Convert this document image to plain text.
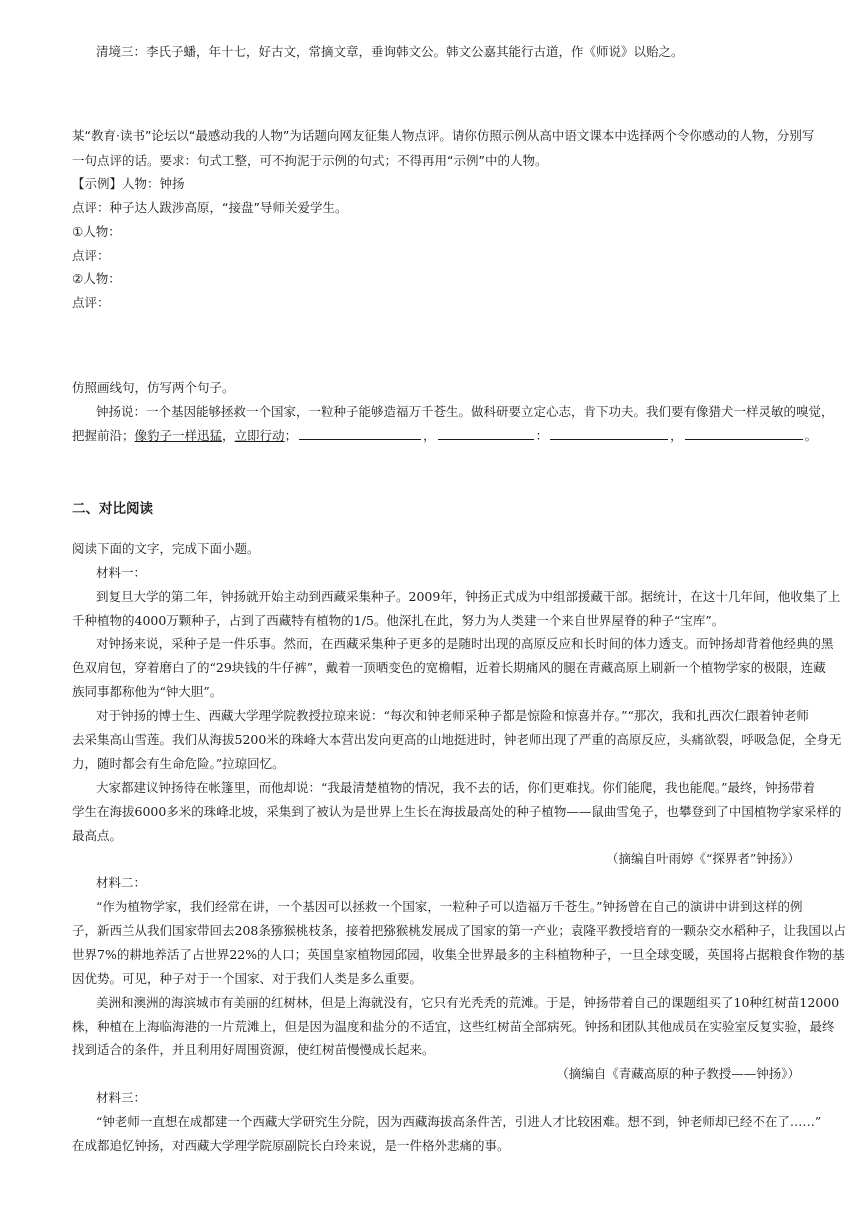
清境三：李氏子蟠，年十七，好古文，常摘文章，垂询韩文公。韩文公嘉其能行古道，作《师说》以贻之。
某“教育·读书”论坛以“最感动我的人物”为话题向网友征集人物点评。请你仿照示例从高中语文课本中选择两个令你感动的人物，分别写
一句点评的话。要求：句式工整，可不拘泥于示例的句式；不得再用“示例”中的人物。
【示例】人物：钟扬
点评：种子达人跋涉高原，“接盘”导师关爱学生。
①人物：
点评：
②人物：
点评：
仿照画线句，仿写两个句子。
钟扬说：一个基因能够拯救一个国家，一粒种子能够造福万千苍生。做科研要立定心志，肯下功夫。我们要有像猎犬一样灵敏的嗅觉，
把握前沿；像豹子一样迅猛，立即行动；	，	：	，	。
二、对比阅读
阅读下面的文字，完成下面小题。
材料一：
到复旦大学的第二年，钟扬就开始主动到西藏采集种子。2009年，钟扬正式成为中组部援藏干部。据统计，在这十几年间，他收集了上
千种植物的4000万颗种子，占到了西藏特有植物的1/5。他深扎在此，努力为人类建一个来自世界屋脊的种子“宝库”。
对钟扬来说，采种子是一件乐事。然而，在西藏采集种子更多的是随时出现的高原反应和长时间的体力透支。而钟扬却背着他经典的黑
色双肩包，穿着磨白了的“29块钱的牛仔裤”，戴着一顶晒变色的宽檐帽，近着长期痛风的腿在青藏高原上刷新一个植物学家的极限，连藏
族同事都称他为“钟大胆”。
对于钟扬的博士生、西藏大学理学院教授拉琼来说：“每次和钟老师采种子都是惊险和惊喜并存。”“那次，我和扎西次仁跟着钟老师
去采集高山雪莲。我们从海拔5200米的珠峰大本营出发向更高的山地挺进时，钟老师出现了严重的高原反应，头痛欲裂，呼吸急促，全身无
力，随时都会有生命危险。”拉琼回忆。
大家都建议钟扬待在帐篷里，而他却说：“我最清楚植物的情况，我不去的话，你们更难找。你们能爬，我也能爬。”最终，钟扬带着
学生在海拔6000多米的珠峰北坡，采集到了被认为是世界上生长在海拔最高处的种子植物——鼠曲雪兔子，也攀登到了中国植物学家采样的
最高点。
（摘编自叶雨婷《“探界者”钟扬》）
材料二：
“作为植物学家，我们经常在讲，一个基因可以拯救一个国家，一粒种子可以造福万千苍生。”钟扬曾在自己的演讲中讲到这样的例
子，新西兰从我们国家带回去208条猕猴桃枝条，接着把猕猴桃发展成了国家的第一产业；袁隆平教授培育的一颗杂交水稻种子，让我国以占
世界7%的耕地养活了占世界22%的人口；英国皇家植物园邱园，收集全世界最多的主科植物种子，一旦全球变暖，英国将占据粮食作物的基
因优势。可见，种子对于一个国家、对于我们人类是多么重要。
美洲和澳洲的海滨城市有美丽的红树林，但是上海就没有，它只有光秃秃的荒滩。于是，钟扬带着自己的课题组买了10种红树苗12000
株，种植在上海临海港的一片荒滩上，但是因为温度和盐分的不适宜，这些红树苗全部病死。钟扬和团队其他成员在实验室反复实验，最终
找到适合的条件，并且利用好周围资源，使红树苗慢慢成长起来。
（摘编自《青藏高原的种子教授——钟扬》）
材料三：
“钟老师一直想在成都建一个西藏大学研究生分院，因为西藏海拔高条件苦，引进人才比较困难。想不到，钟老师却已经不在了……”
在成都追忆钟扬，对西藏大学理学院原副院长白玲来说，是一件格外悲痛的事。
